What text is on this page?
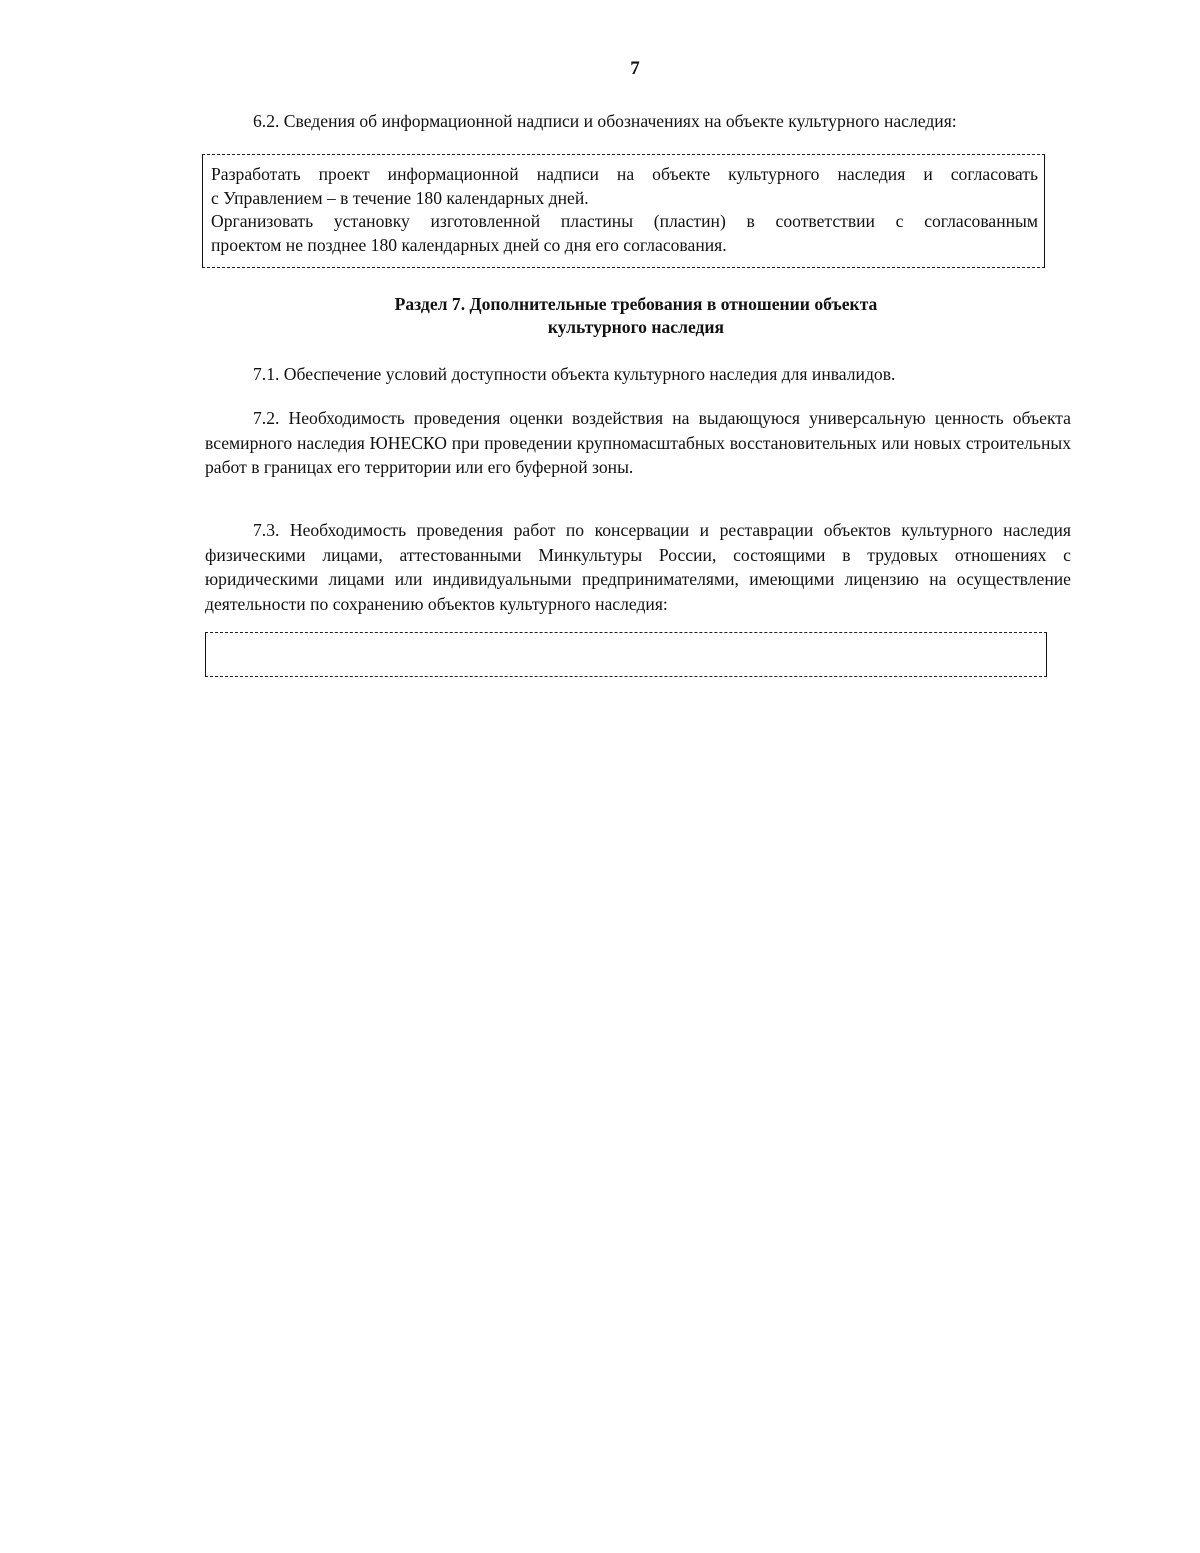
7
6.2. Сведения об информационной надписи и обозначениях на объекте культурного наследия:
Разработать проект информационной надписи на объекте культурного наследия и согласовать
с Управлением – в течение 180 календарных дней.
Организовать установку изготовленной пластины (пластин) в соответствии с согласованным
проектом не позднее 180 календарных дней со дня его согласования.
Раздел 7. Дополнительные требования в отношении объекта
культурного наследия
7.1. Обеспечение условий доступности объекта культурного наследия для инвалидов.
7.2. Необходимость проведения оценки воздействия на выдающуюся универсальную ценность объекта всемирного наследия ЮНЕСКО при проведении крупномасштабных восстановительных или новых строительных работ в границах его территории или его буферной зоны.
7.3. Необходимость проведения работ по консервации и реставрации объектов культурного наследия физическими лицами, аттестованными Минкультуры России, состоящими в трудовых отношениях с юридическими лицами или индивидуальными предпринимателями, имеющими лицензию на осуществление деятельности по сохранению объектов культурного наследия:
